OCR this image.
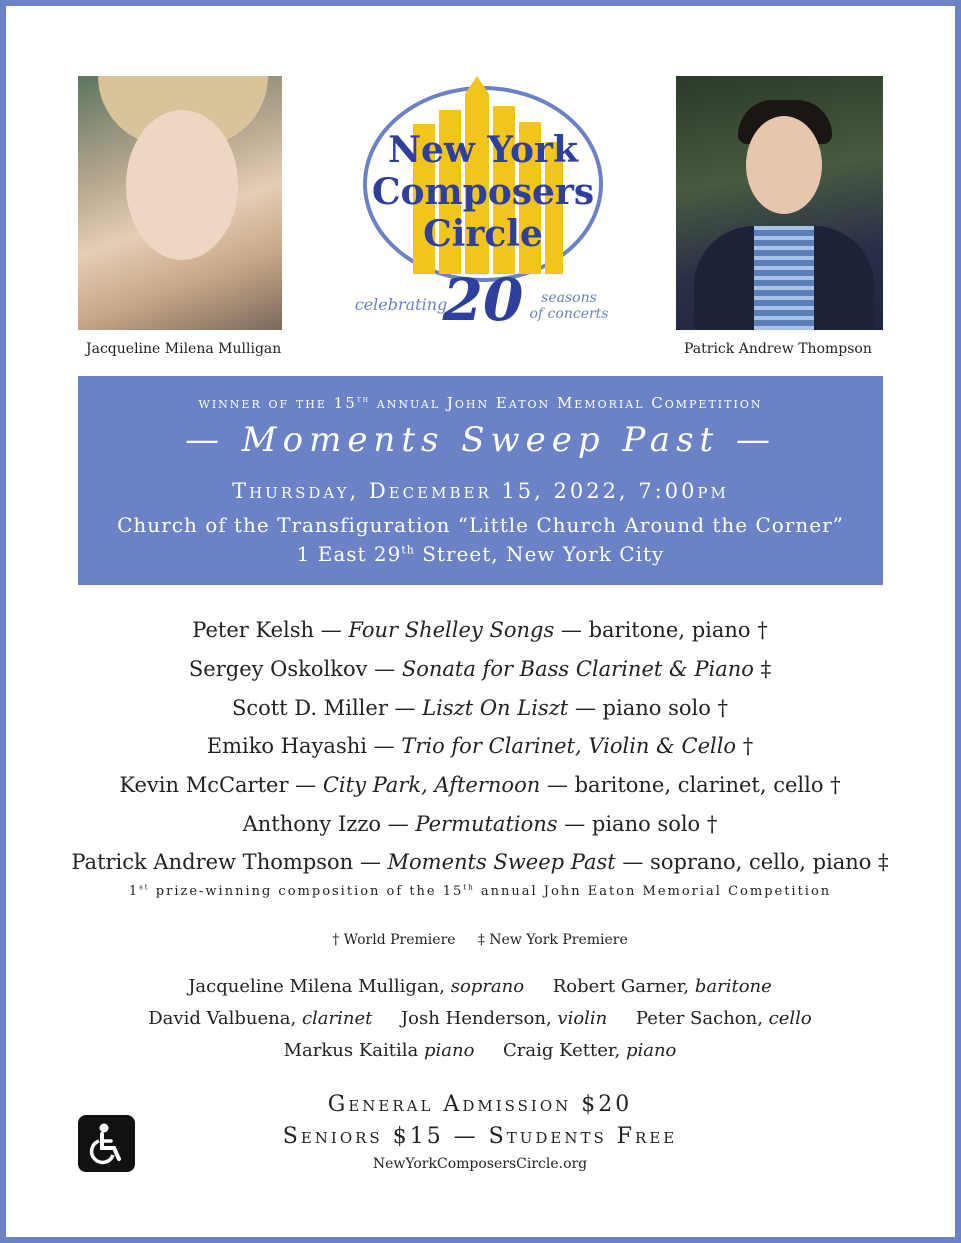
Jacqueline Milena Mulligan	Patrick Andrew Thompson
New York
Composers
Circle
celebrating
20 seasons
of concerts
winner of the 15th annual John Eaton Memorial Competition
— Moments Sweep Past —
Thursday, December 15, 2022, 7:00pm
Church of the Transfiguration “Little Church Around the Corner”
1 East 29th Street, New York City
Peter Kelsh — Four Shelley Songs — baritone, piano †
Sergey Oskolkov — Sonata for Bass Clarinet & Piano ‡
Scott D. Miller — Liszt On Liszt — piano solo †
Emiko Hayashi — Trio for Clarinet, Violin & Cello †
Kevin McCarter — City Park, Afternoon — baritone, clarinet, cello †
Anthony Izzo — Permutations — piano solo †
Patrick Andrew Thompson — Moments Sweep Past — soprano, cello, piano ‡
1st prize-winning composition of the 15th annual John Eaton Memorial Competition
† World Premiere ‡ New York Premiere
Jacqueline Milena Mulligan, soprano Robert Garner, baritone
David Valbuena, clarinet Josh Henderson, violin Peter Sachon, cello
Markus Kaitila piano Craig Ketter, piano
General Admission $20
Seniors $15 — Students Free
NewYorkComposersCircle.org
